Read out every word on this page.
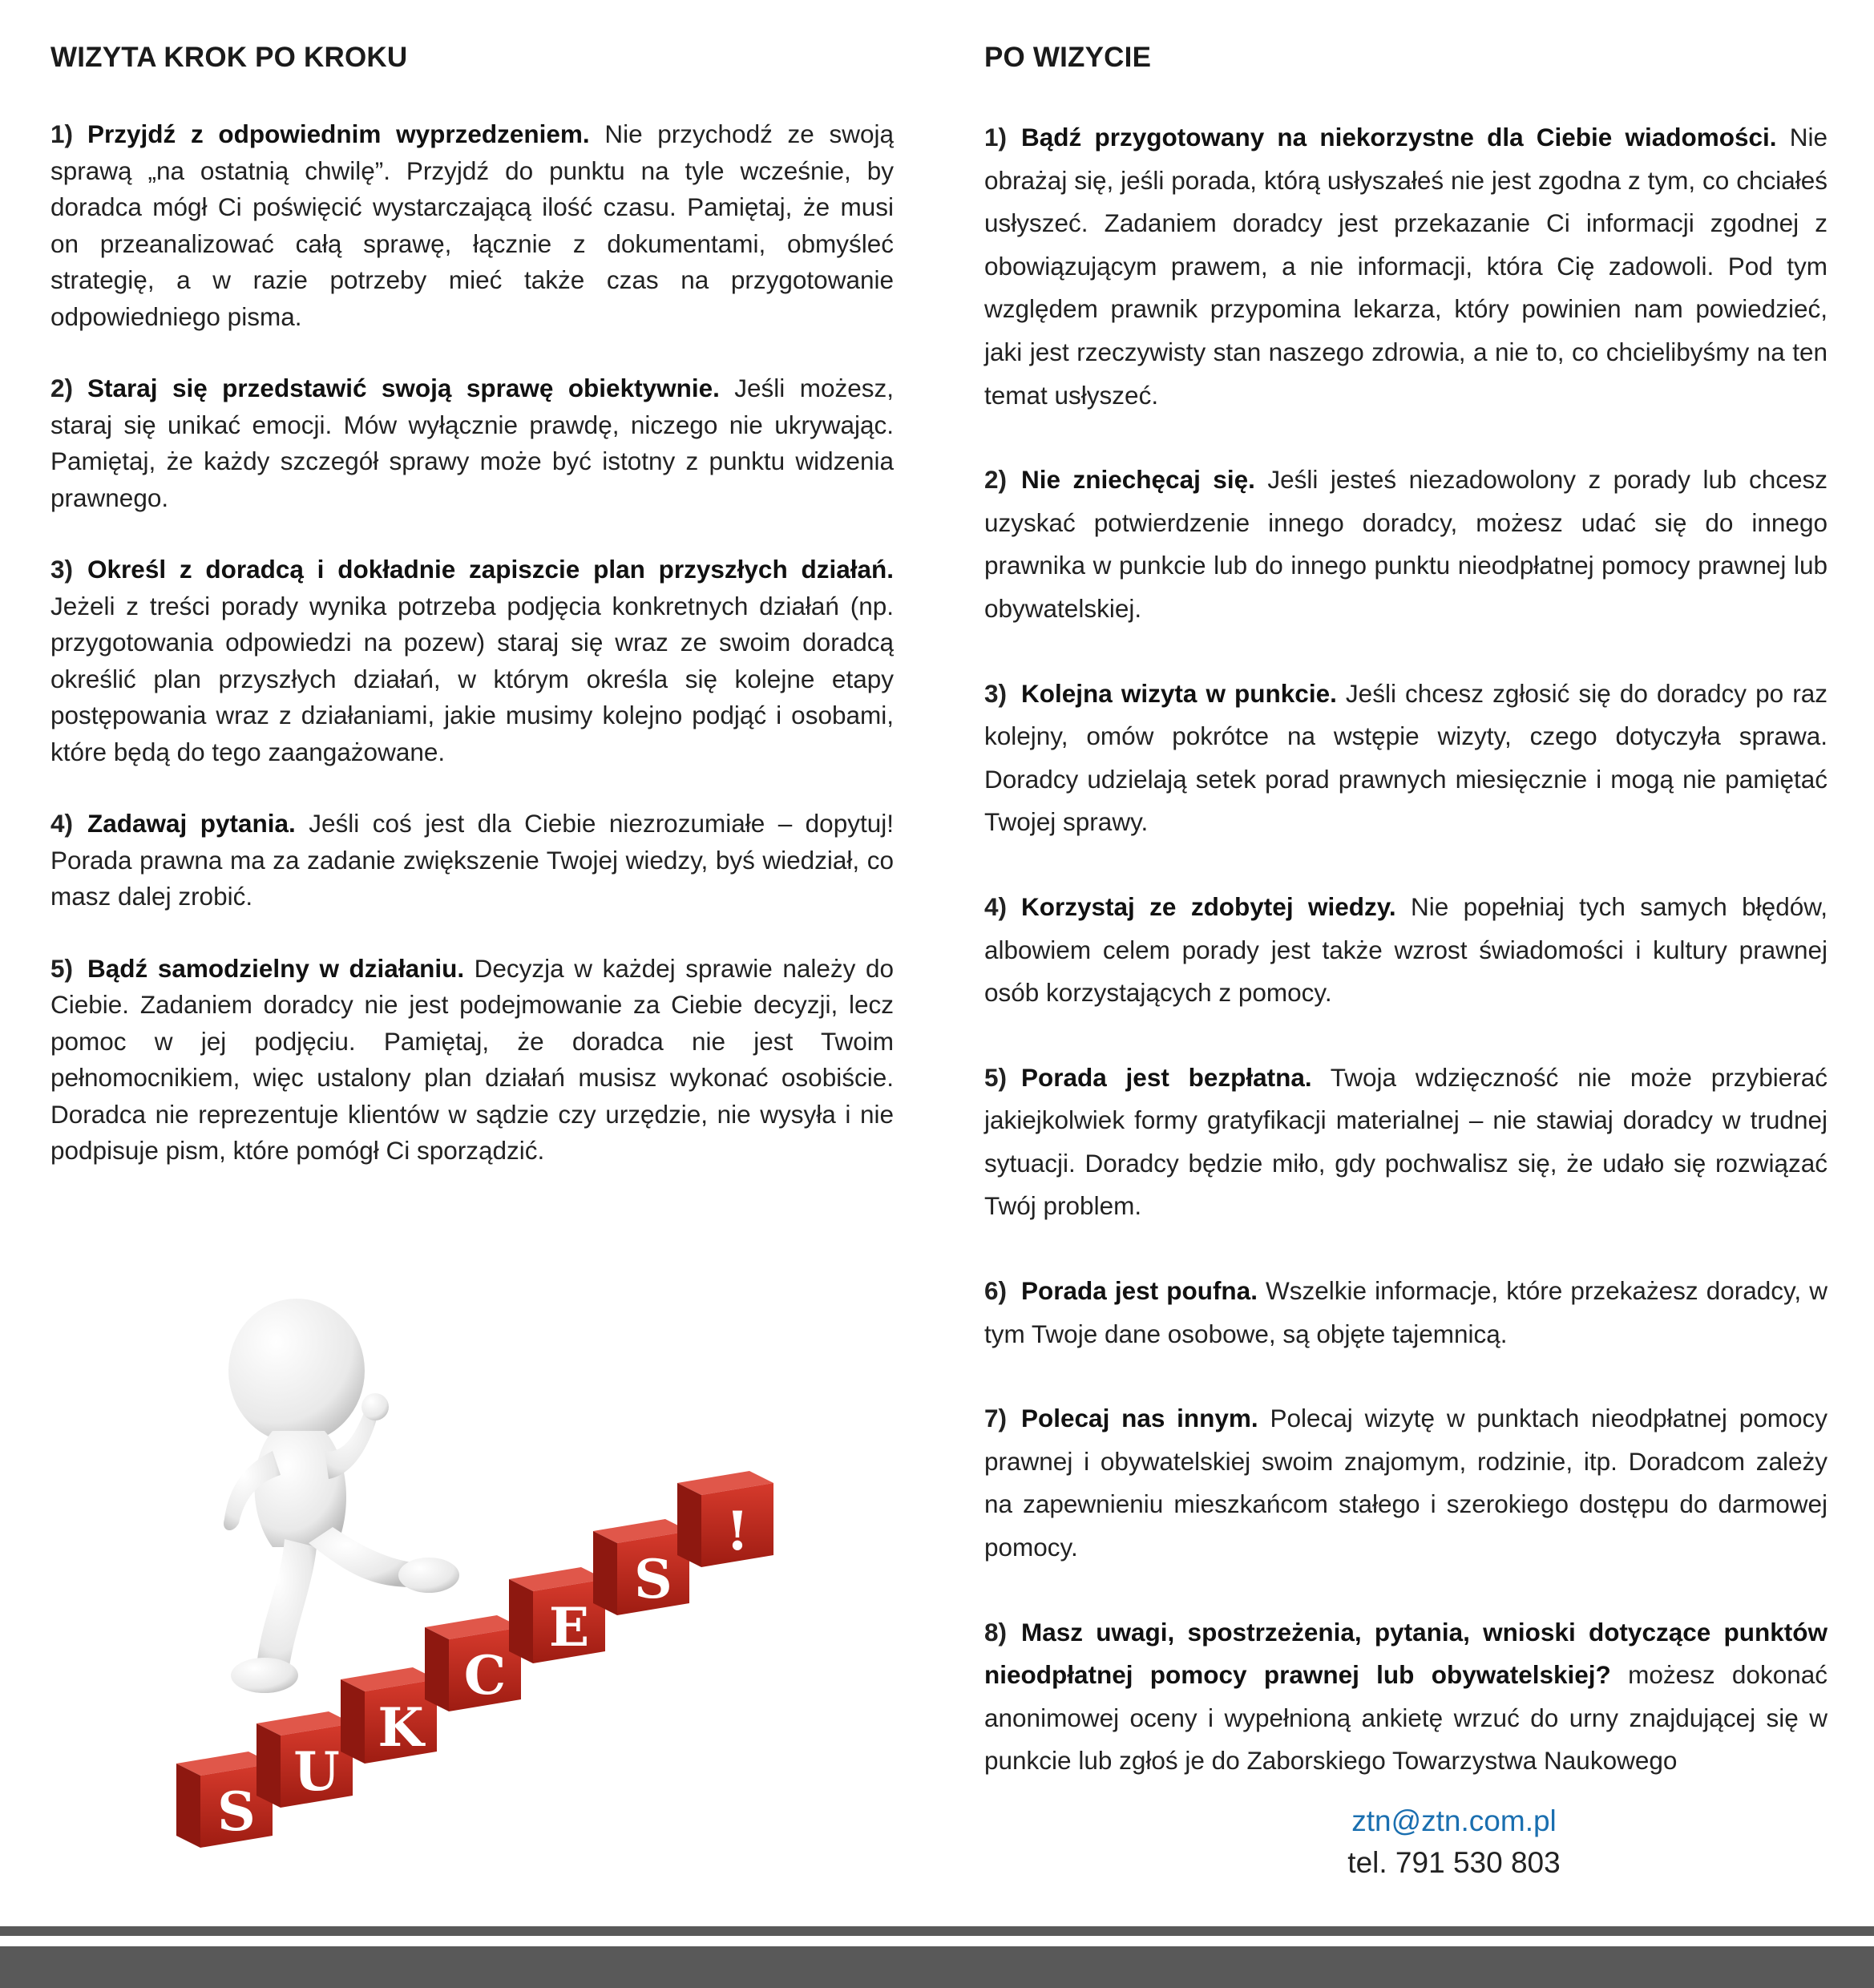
WIZYTA KROK PO KROKU

1) Przyjdź z odpowiednim wyprzedzeniem. Nie przychodź ze swoją sprawą „na ostatnią chwilę”. Przyjdź do punktu na tyle wcześnie, by doradca mógł Ci poświęcić wystarczającą ilość czasu. Pamiętaj, że musi on przeanalizować całą sprawę, łącznie z dokumentami, obmyśleć strategię, a w razie potrzeby mieć także czas na przygotowanie odpowiedniego pisma.

2) Staraj się przedstawić swoją sprawę obiektywnie. Jeśli możesz, staraj się unikać emocji. Mów wyłącznie prawdę, niczego nie ukrywając. Pamiętaj, że każdy szczegół sprawy może być istotny z punktu widzenia prawnego.

3) Określ z doradcą i dokładnie zapiszcie plan przyszłych działań. Jeżeli z treści porady wynika potrzeba podjęcia konkretnych działań (np. przygotowania odpowiedzi na pozew) staraj się wraz ze swoim doradcą określić plan przyszłych działań, w którym określa się kolejne etapy postępowania wraz z działaniami, jakie musimy kolejno podjąć i osobami, które będą do tego zaangażowane.

4) Zadawaj pytania. Jeśli coś jest dla Ciebie niezrozumiałe – dopytuj! Porada prawna ma za zadanie zwiększenie Twojej wiedzy, byś wiedział, co masz dalej zrobić.

5) Bądź samodzielny w działaniu. Decyzja w każdej sprawie należy do Ciebie. Zadaniem doradcy nie jest podejmowanie za Ciebie decyzji, lecz pomoc w jej podjęciu. Pamiętaj, że doradca nie jest Twoim pełnomocnikiem, więc ustalony plan działań musisz wykonać osobiście. Doradca nie reprezentuje klientów w sądzie czy urzędzie, nie wysyła i nie podpisuje pism, które pomógł Ci sporządzić.

PO WIZYCIE

1) Bądź przygotowany na niekorzystne dla Ciebie wiadomości. Nie obrażaj się, jeśli porada, którą usłyszałeś nie jest zgodna z tym, co chciałeś usłyszeć. Zadaniem doradcy jest przekazanie Ci informacji zgodnej z obowiązującym prawem, a nie informacji, która Cię zadowoli. Pod tym względem prawnik przypomina lekarza, który powinien nam powiedzieć, jaki jest rzeczywisty stan naszego zdrowia, a nie to, co chcielibyśmy na ten temat usłyszeć.

2) Nie zniechęcaj się. Jeśli jesteś niezadowolony z porady lub chcesz uzyskać potwierdzenie innego doradcy, możesz udać się do innego prawnika w punkcie lub do innego punktu nieodpłatnej pomocy prawnej lub obywatelskiej.

3) Kolejna wizyta w punkcie. Jeśli chcesz zgłosić się do doradcy po raz kolejny, omów pokrótce na wstępie wizyty, czego dotyczyła sprawa. Doradcy udzielają setek porad prawnych miesięcznie i mogą nie pamiętać Twojej sprawy.

4) Korzystaj ze zdobytej wiedzy. Nie popełniaj tych samych błędów, albowiem celem porady jest także wzrost świadomości i kultury prawnej osób korzystających z pomocy.

5) Porada jest bezpłatna. Twoja wdzięczność nie może przybierać jakiejkolwiek formy gratyfikacji materialnej – nie stawiaj doradcy w trudnej sytuacji. Doradcy będzie miło, gdy pochwalisz się, że udało się rozwiązać Twój problem.

6) Porada jest poufna. Wszelkie informacje, które przekażesz doradcy, w tym Twoje dane osobowe, są objęte tajemnicą.

7) Polecaj nas innym. Polecaj wizytę w punktach nieodpłatnej pomocy prawnej i obywatelskiej swoim znajomym, rodzinie, itp. Doradcom zależy na zapewnieniu mieszkańcom stałego i szerokiego dostępu do darmowej pomocy.

8) Masz uwagi, spostrzeżenia, pytania, wnioski dotyczące punktów nieodpłatnej pomocy prawnej lub obywatelskiej? możesz dokonać anonimowej oceny i wypełnioną ankietę wrzuć do urny znajdującej się w punkcie lub zgłoś je do Zaborskiego Towarzystwa Naukowego

ztn@ztn.com.pl
tel. 791 530 803
S
U
K
C
E
S
!
